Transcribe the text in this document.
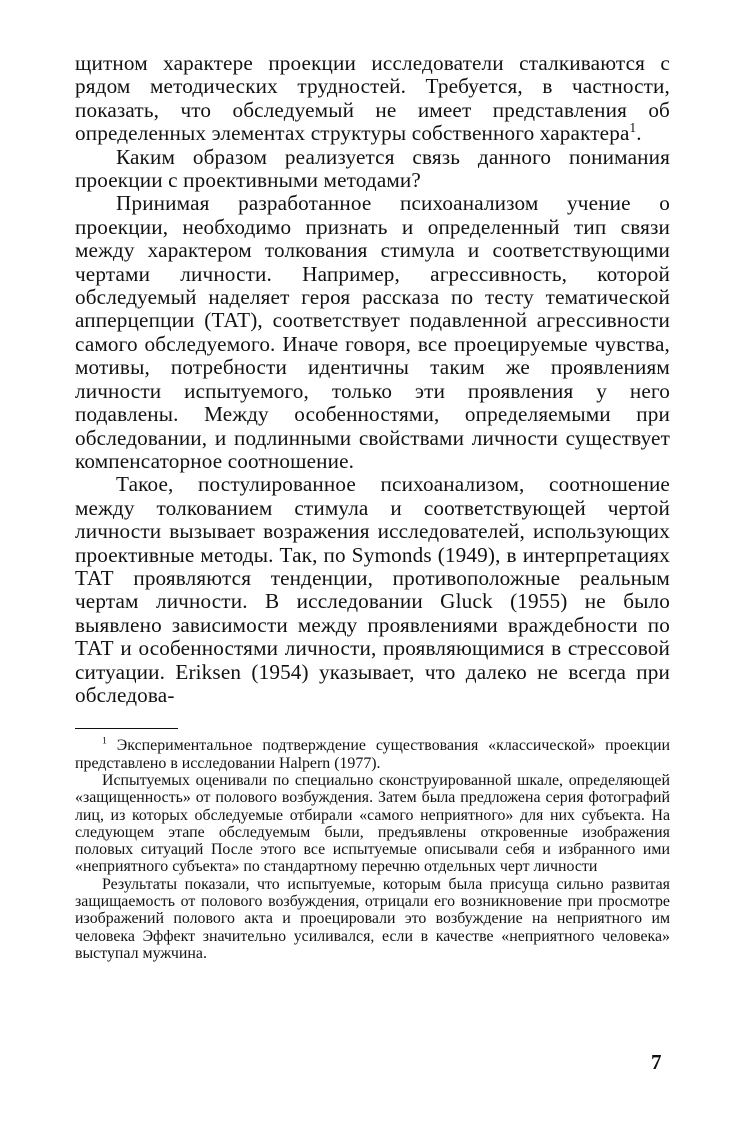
щитном характере проекции исследователи сталкиваются с рядом методических трудностей. Требуется, в частности, показать, что обследуемый не имеет представления об определенных элементах структуры собственного характера$^1$.

Каким образом реализуется связь данного понимания проекции с проективными методами?

Принимая разработанное психоанализом учение о проекции, необходимо признать и определенный тип связи между характером толкования стимула и соответствующими чертами личности. Например, агрессивность, которой обследуемый наделяет героя рассказа по тесту тематической апперцепции (ТАТ), соответствует подавленной агрессивности самого обследуемого. Иначе говоря, все проецируемые чувства, мотивы, потребности идентичны таким же проявлениям личности испытуемого, только эти проявления у него подавлены. Между особенностями, определяемыми при обследовании, и подлинными свойствами личности существует компенсаторное соотношение.

Такое, постулированное психоанализом, соотношение между толкованием стимула и соответствующей чертой личности вызывает возражения исследователей, использующих проективные методы. Так, по Symonds (1949), в интерпретациях ТАТ проявляются тенденции, противоположные реальным чертам личности. В исследовании Gluck (1955) не было выявлено зависимости между проявлениями враждебности по ТАТ и особенностями личности, проявляющимися в стрессовой ситуации. Eriksen (1954) указывает, что далеко не всегда при обследова-

$^1$ Экспериментальное подтверждение существования «классической» проекции представлено в исследовании Halpern (1977).

Испытуемых оценивали по специально сконструированной шкале, определяющей «защищенность» от полового возбуждения. Затем была предложена серия фотографий лиц, из которых обследуемые отбирали «самого неприятного» для них субъекта. На следующем этапе обследуемым были, предъявлены откровенные изображения половых ситуаций После этого все испытуемые описывали себя и избранного ими «неприятного субъекта» по стандартному перечню отдельных черт личности

Результаты показали, что испытуемые, которым была присуща сильно развитая защищаемость от полового возбуждения, отрицали его возникновение при просмотре изображений полового акта и проецировали это возбуждение на неприятного им человека Эффект значительно усиливался, если в качестве «неприятного человека» выступал мужчина.

7
